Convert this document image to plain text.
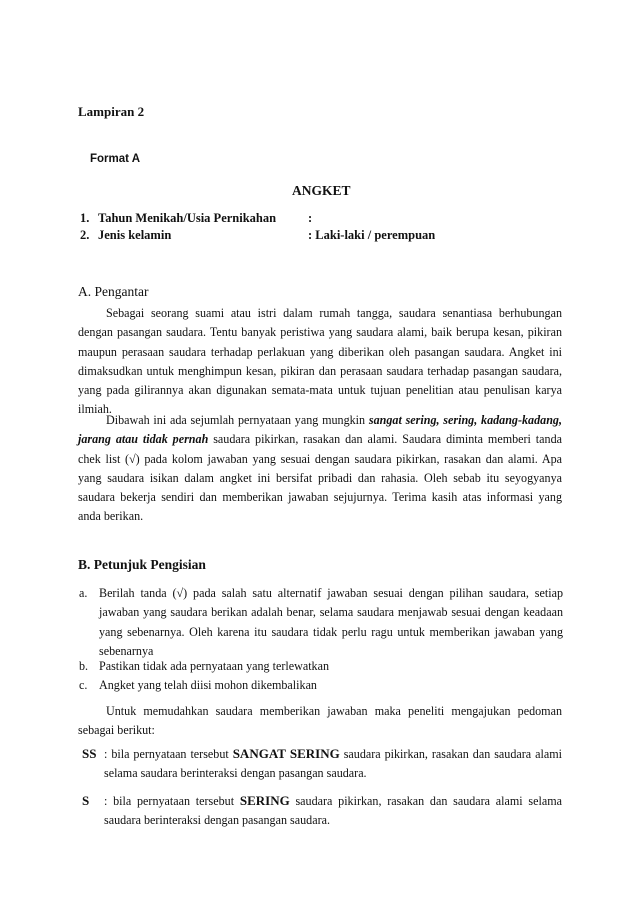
Lampiran 2
Format A
ANGKET
1. Tahun Menikah/Usia Pernikahan	:
2. Jenis kelamin	: Laki-laki / perempuan
A. Pengantar

Sebagai seorang suami atau istri dalam rumah tangga, saudara senantiasa berhubungan dengan pasangan saudara. Tentu banyak peristiwa yang saudara alami, baik berupa kesan, pikiran maupun perasaan saudara terhadap perlakuan yang diberikan oleh pasangan saudara. Angket ini dimaksudkan untuk menghimpun kesan, pikiran dan perasaan saudara terhadap pasangan saudara, yang pada gilirannya akan digunakan semata-mata untuk tujuan penelitian atau penulisan karya ilmiah.

Dibawah ini ada sejumlah pernyataan yang mungkin sangat sering, sering, kadang-kadang, jarang atau tidak pernah saudara pikirkan, rasakan dan alami. Saudara diminta memberi tanda chek list (√) pada kolom jawaban yang sesuai dengan saudara pikirkan, rasakan dan alami. Apa yang saudara isikan dalam angket ini bersifat pribadi dan rahasia. Oleh sebab itu seyogyanya saudara bekerja sendiri dan memberikan jawaban sejujurnya. Terima kasih atas informasi yang anda berikan.

B. Petunjuk Pengisian
a. Berilah tanda (√) pada salah satu alternatif jawaban sesuai dengan pilihan saudara, setiap jawaban yang saudara berikan adalah benar, selama saudara menjawab sesuai dengan keadaan yang sebenarnya. Oleh karena itu saudara tidak perlu ragu untuk memberikan jawaban yang sebenarnya
b. Pastikan tidak ada pernyataan yang terlewatkan
c. Angket yang telah diisi mohon dikembalikan

Untuk memudahkan saudara memberikan jawaban maka peneliti mengajukan pedoman sebagai berikut:

SS : bila pernyataan tersebut SANGAT SERING saudara pikirkan, rasakan dan saudara alami selama saudara berinteraksi dengan pasangan saudara.
S : bila pernyataan tersebut SERING saudara pikirkan, rasakan dan saudara alami selama saudara berinteraksi dengan pasangan saudara.
